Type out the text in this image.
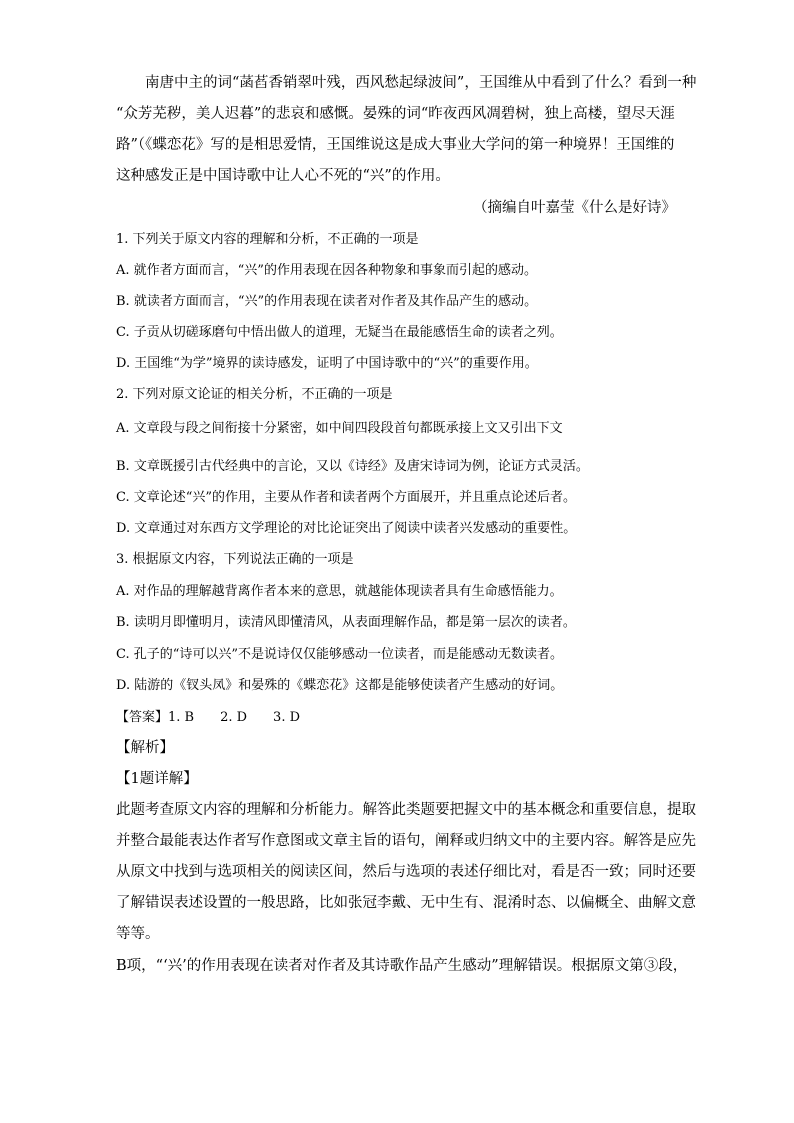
　　南唐中主的词“菡萏香销翠叶残，西风愁起绿波间”，王国维从中看到了什么？看到一种
“众芳芜秽，美人迟暮”的悲哀和感慨。晏殊的词“昨夜西风凋碧树，独上高楼，望尽天涯
路”（《蝶恋花》写的是相思爱情，王国维说这是成大事业大学问的第一种境界！王国维的
这种感发正是中国诗歌中让人心不死的“兴”的作用。
（摘编自叶嘉莹《什么是好诗》
1. 下列关于原文内容的理解和分析，不正确的一项是
A. 就作者方面而言，“兴”的作用表现在因各种物象和事象而引起的感动。
B. 就读者方面而言，“兴”的作用表现在读者对作者及其作品产生的感动。
C. 子贡从切磋琢磨句中悟出做人的道理，无疑当在最能感悟生命的读者之列。
D. 王国维“为学”境界的读诗感发，证明了中国诗歌中的“兴”的重要作用。
2. 下列对原文论证的相关分析，不正确的一项是
A. 文章段与段之间衔接十分紧密，如中间四段段首句都既承接上文又引出下文
B. 文章既援引古代经典中的言论，又以《诗经》及唐宋诗词为例，论证方式灵活。
C. 文章论述“兴”的作用，主要从作者和读者两个方面展开，并且重点论述后者。
D. 文章通过对东西方文学理论的对比论证突出了阅读中读者兴发感动的重要性。
3. 根据原文内容，下列说法正确的一项是
A. 对作品的理解越背离作者本来的意思，就越能体现读者具有生命感悟能力。
B. 读明月即懂明月，读清风即懂清风，从表面理解作品，都是第一层次的读者。
C. 孔子的“诗可以兴”不是说诗仅仅能够感动一位读者，而是能感动无数读者。
D. 陆游的《钗头凤》和晏殊的《蝶恋花》这都是能够使读者产生感动的好词。
【答案】1. B　　2. D　　3. D
【解析】
【1题详解】
此题考查原文内容的理解和分析能力。解答此类题要把握文中的基本概念和重要信息，提取
并整合最能表达作者写作意图或文章主旨的语句，阐释或归纳文中的主要内容。解答是应先
从原文中找到与选项相关的阅读区间，然后与选项的表述仔细比对，看是否一致；同时还要
了解错误表述设置的一般思路，比如张冠李戴、无中生有、混淆时态、以偏概全、曲解文意
等等。
B项，“‘兴’的作用表现在读者对作者及其诗歌作品产生感动”理解错误。根据原文第③段，
